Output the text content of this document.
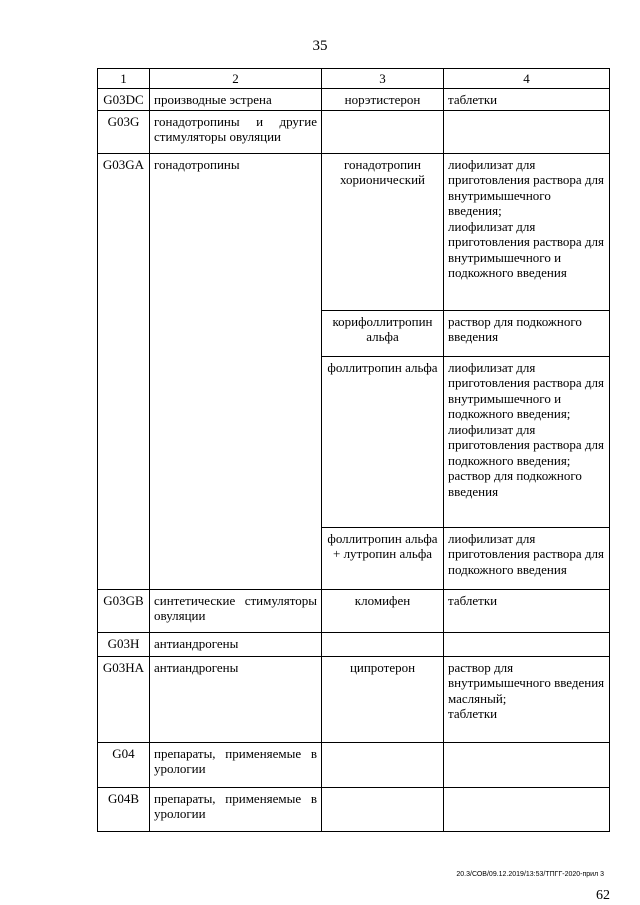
35
1	2	3	4
G03DC	производные эстрена	норэтистерон	таблетки
G03G	гонадотропины и другие стимуляторы овуляции		
G03GA	гонадотропины	гонадотропин хорионический	лиофилизат для приготовления раствора для внутримышечного введения;
лиофилизат для приготовления раствора для внутримышечного и подкожного введения
		корифоллитропин альфа	раствор для подкожного введения
		фоллитропин альфа	лиофилизат для приготовления раствора для внутримышечного и подкожного введения;
лиофилизат для приготовления раствора для подкожного введения;
раствор для подкожного введения
		фоллитропин альфа + лутропин альфа	лиофилизат для приготовления раствора для подкожного введения
G03GB	синтетические стимуляторы овуляции	кломифен	таблетки
G03H	антиандрогены		
G03HA	антиандрогены	ципротерон	раствор для внутримышечного введения масляный;
таблетки
G04	препараты, применяемые в урологии		
G04B	препараты, применяемые в урологии		
20.3/СОВ/09.12.2019/13:53/ТПГГ-2020-прил 3
62
